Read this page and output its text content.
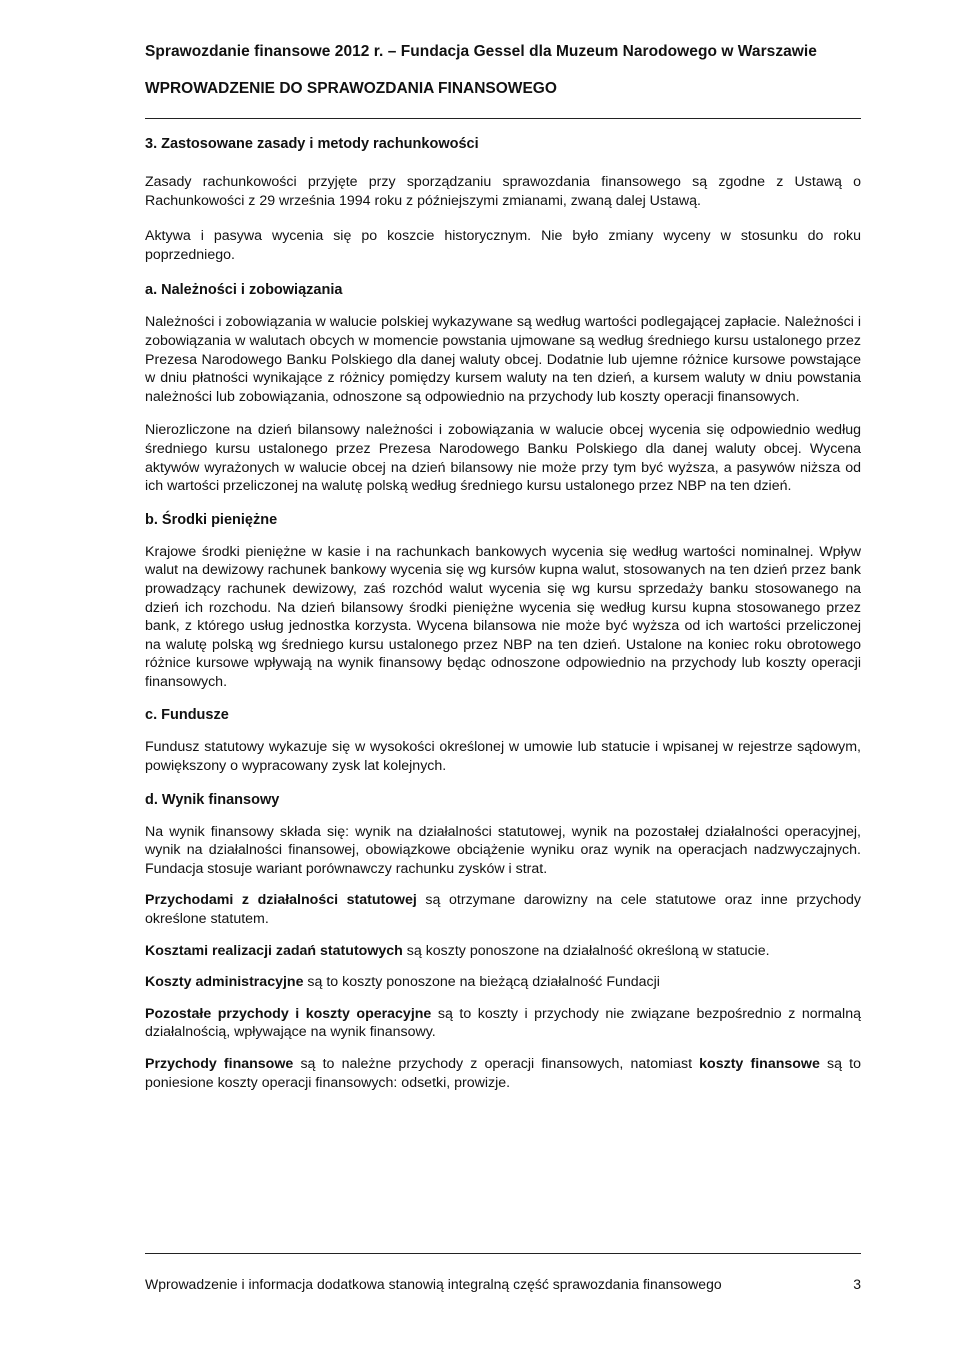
Sprawozdanie finansowe 2012 r. – Fundacja Gessel dla Muzeum Narodowego w Warszawie
WPROWADZENIE DO SPRAWOZDANIA FINANSOWEGO

3. Zastosowane zasady i metody rachunkowości

Zasady rachunkowości przyjęte przy sporządzaniu sprawozdania finansowego są zgodne z Ustawą o Rachunkowości z 29 września 1994 roku z późniejszymi zmianami, zwaną dalej Ustawą.

Aktywa i pasywa wycenia się po koszcie historycznym. Nie było zmiany wyceny w stosunku do roku poprzedniego.

a. Należności i zobowiązania

Należności i zobowiązania w walucie polskiej wykazywane są według wartości podlegającej zapłacie. Należności i zobowiązania w walutach obcych w momencie powstania ujmowane są według średniego kursu ustalonego przez Prezesa Narodowego Banku Polskiego dla danej waluty obcej. Dodatnie lub ujemne różnice kursowe powstające w dniu płatności wynikające z różnicy pomiędzy kursem waluty na ten dzień, a kursem waluty w dniu powstania należności lub zobowiązania, odnoszone są odpowiednio na przychody lub koszty operacji finansowych.

Nierozliczone na dzień bilansowy należności i zobowiązania w walucie obcej wycenia się odpowiednio według średniego kursu ustalonego przez Prezesa Narodowego Banku Polskiego dla danej waluty obcej. Wycena aktywów wyrażonych w walucie obcej na dzień bilansowy nie może przy tym być wyższa, a pasywów niższa od ich wartości przeliczonej na walutę polską według średniego kursu ustalonego przez NBP na ten dzień.

b. Środki pieniężne

Krajowe środki pieniężne w kasie i na rachunkach bankowych wycenia się według wartości nominalnej. Wpływ walut na dewizowy rachunek bankowy wycenia się wg kursów kupna walut, stosowanych na ten dzień przez bank prowadzący rachunek dewizowy, zaś rozchód walut wycenia się wg kursu sprzedaży banku stosowanego na dzień ich rozchodu. Na dzień bilansowy środki pieniężne wycenia się według kursu kupna stosowanego przez bank, z którego usług jednostka korzysta. Wycena bilansowa nie może być wyższa od ich wartości przeliczonej na walutę polską wg średniego kursu ustalonego przez NBP na ten dzień. Ustalone na koniec roku obrotowego różnice kursowe wpływają na wynik finansowy będąc odnoszone odpowiednio na przychody lub koszty operacji finansowych.

c. Fundusze

Fundusz statutowy wykazuje się w wysokości określonej w umowie lub statucie i wpisanej w rejestrze sądowym, powiększony o wypracowany zysk lat kolejnych.

d. Wynik finansowy

Na wynik finansowy składa się: wynik na działalności statutowej, wynik na pozostałej działalności operacyjnej, wynik na działalności finansowej, obowiązkowe obciążenie wyniku oraz wynik na operacjach nadzwyczajnych. Fundacja stosuje wariant porównawczy rachunku zysków i strat.

Przychodami z działalności statutowej są otrzymane darowizny na cele statutowe oraz inne przychody określone statutem.

Kosztami realizacji zadań statutowych są koszty ponoszone na działalność określoną w statucie.

Koszty administracyjne są to koszty ponoszone na bieżącą działalność Fundacji

Pozostałe przychody i koszty operacyjne są to koszty i przychody nie związane bezpośrednio z normalną działalnością, wpływające na wynik finansowy.

Przychody finansowe są to należne przychody z operacji finansowych, natomiast koszty finansowe są to poniesione koszty operacji finansowych: odsetki, prowizje.

Wprowadzenie i informacja dodatkowa stanowią integralną część sprawozdania finansowego	3
